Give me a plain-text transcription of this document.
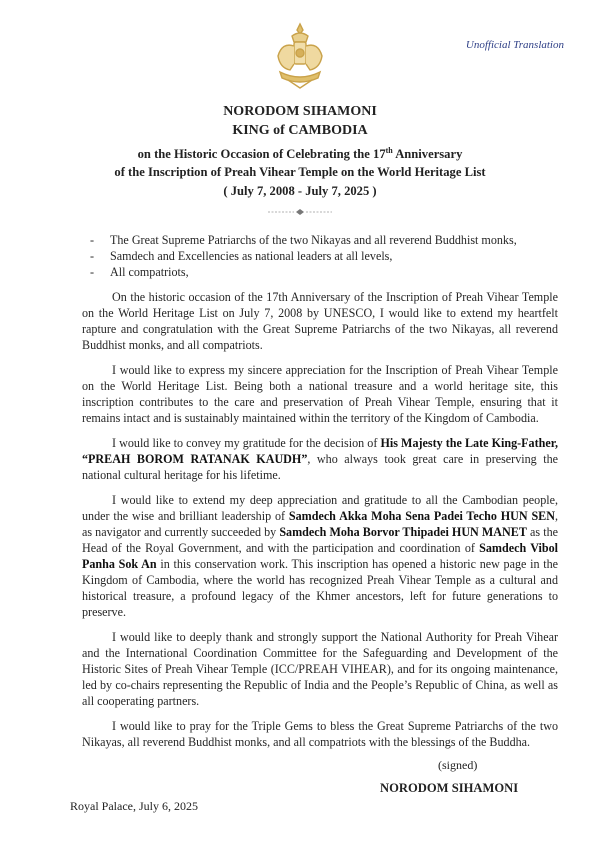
Unofficial Translation
NORODOM SIHAMONI
KING of CAMBODIA
on the Historic Occasion of Celebrating the 17th Anniversary
of the Inscription of Preah Vihear Temple on the World Heritage List
( July 7, 2008 - July 7, 2025 )
- The Great Supreme Patriarchs of the two Nikayas and all reverend Buddhist monks,
- Samdech and Excellencies as national leaders at all levels,
- All compatriots,

On the historic occasion of the 17th Anniversary of the Inscription of Preah Vihear Temple on the World Heritage List on July 7, 2008 by UNESCO, I would like to extend my heartfelt rapture and congratulation with the Great Supreme Patriarchs of the two Nikayas, all reverend Buddhist monks, and all compatriots.

I would like to express my sincere appreciation for the Inscription of Preah Vihear Temple on the World Heritage List. Being both a national treasure and a world heritage site, this inscription contributes to the care and preservation of Preah Vihear Temple, ensuring that it remains intact and is sustainably maintained within the territory of the Kingdom of Cambodia.

I would like to convey my gratitude for the decision of His Majesty the Late King-Father, “PREAH BOROM RATANAK KAUDH”, who always took great care in preserving the national cultural heritage for his lifetime.

I would like to extend my deep appreciation and gratitude to all the Cambodian people, under the wise and brilliant leadership of Samdech Akka Moha Sena Padei Techo HUN SEN, as navigator and currently succeeded by Samdech Moha Borvor Thipadei HUN MANET as the Head of the Royal Government, and with the participation and coordination of Samdech Vibol Panha Sok An in this conservation work. This inscription has opened a historic new page in the Kingdom of Cambodia, where the world has recognized Preah Vihear Temple as a cultural and historical treasure, a profound legacy of the Khmer ancestors, left for future generations to preserve.

I would like to deeply thank and strongly support the National Authority for Preah Vihear and the International Coordination Committee for the Safeguarding and Development of the Historic Sites of Preah Vihear Temple (ICC/PREAH VIHEAR), and for its ongoing maintenance, led by co-chairs representing the Republic of India and the People’s Republic of China, as well as all cooperating partners.

I would like to pray for the Triple Gems to bless the Great Supreme Patriarchs of the two Nikayas, all reverend Buddhist monks, and all compatriots with the blessings of the Buddha.

(signed)
NORODOM SIHAMONI
Royal Palace, July 6, 2025
